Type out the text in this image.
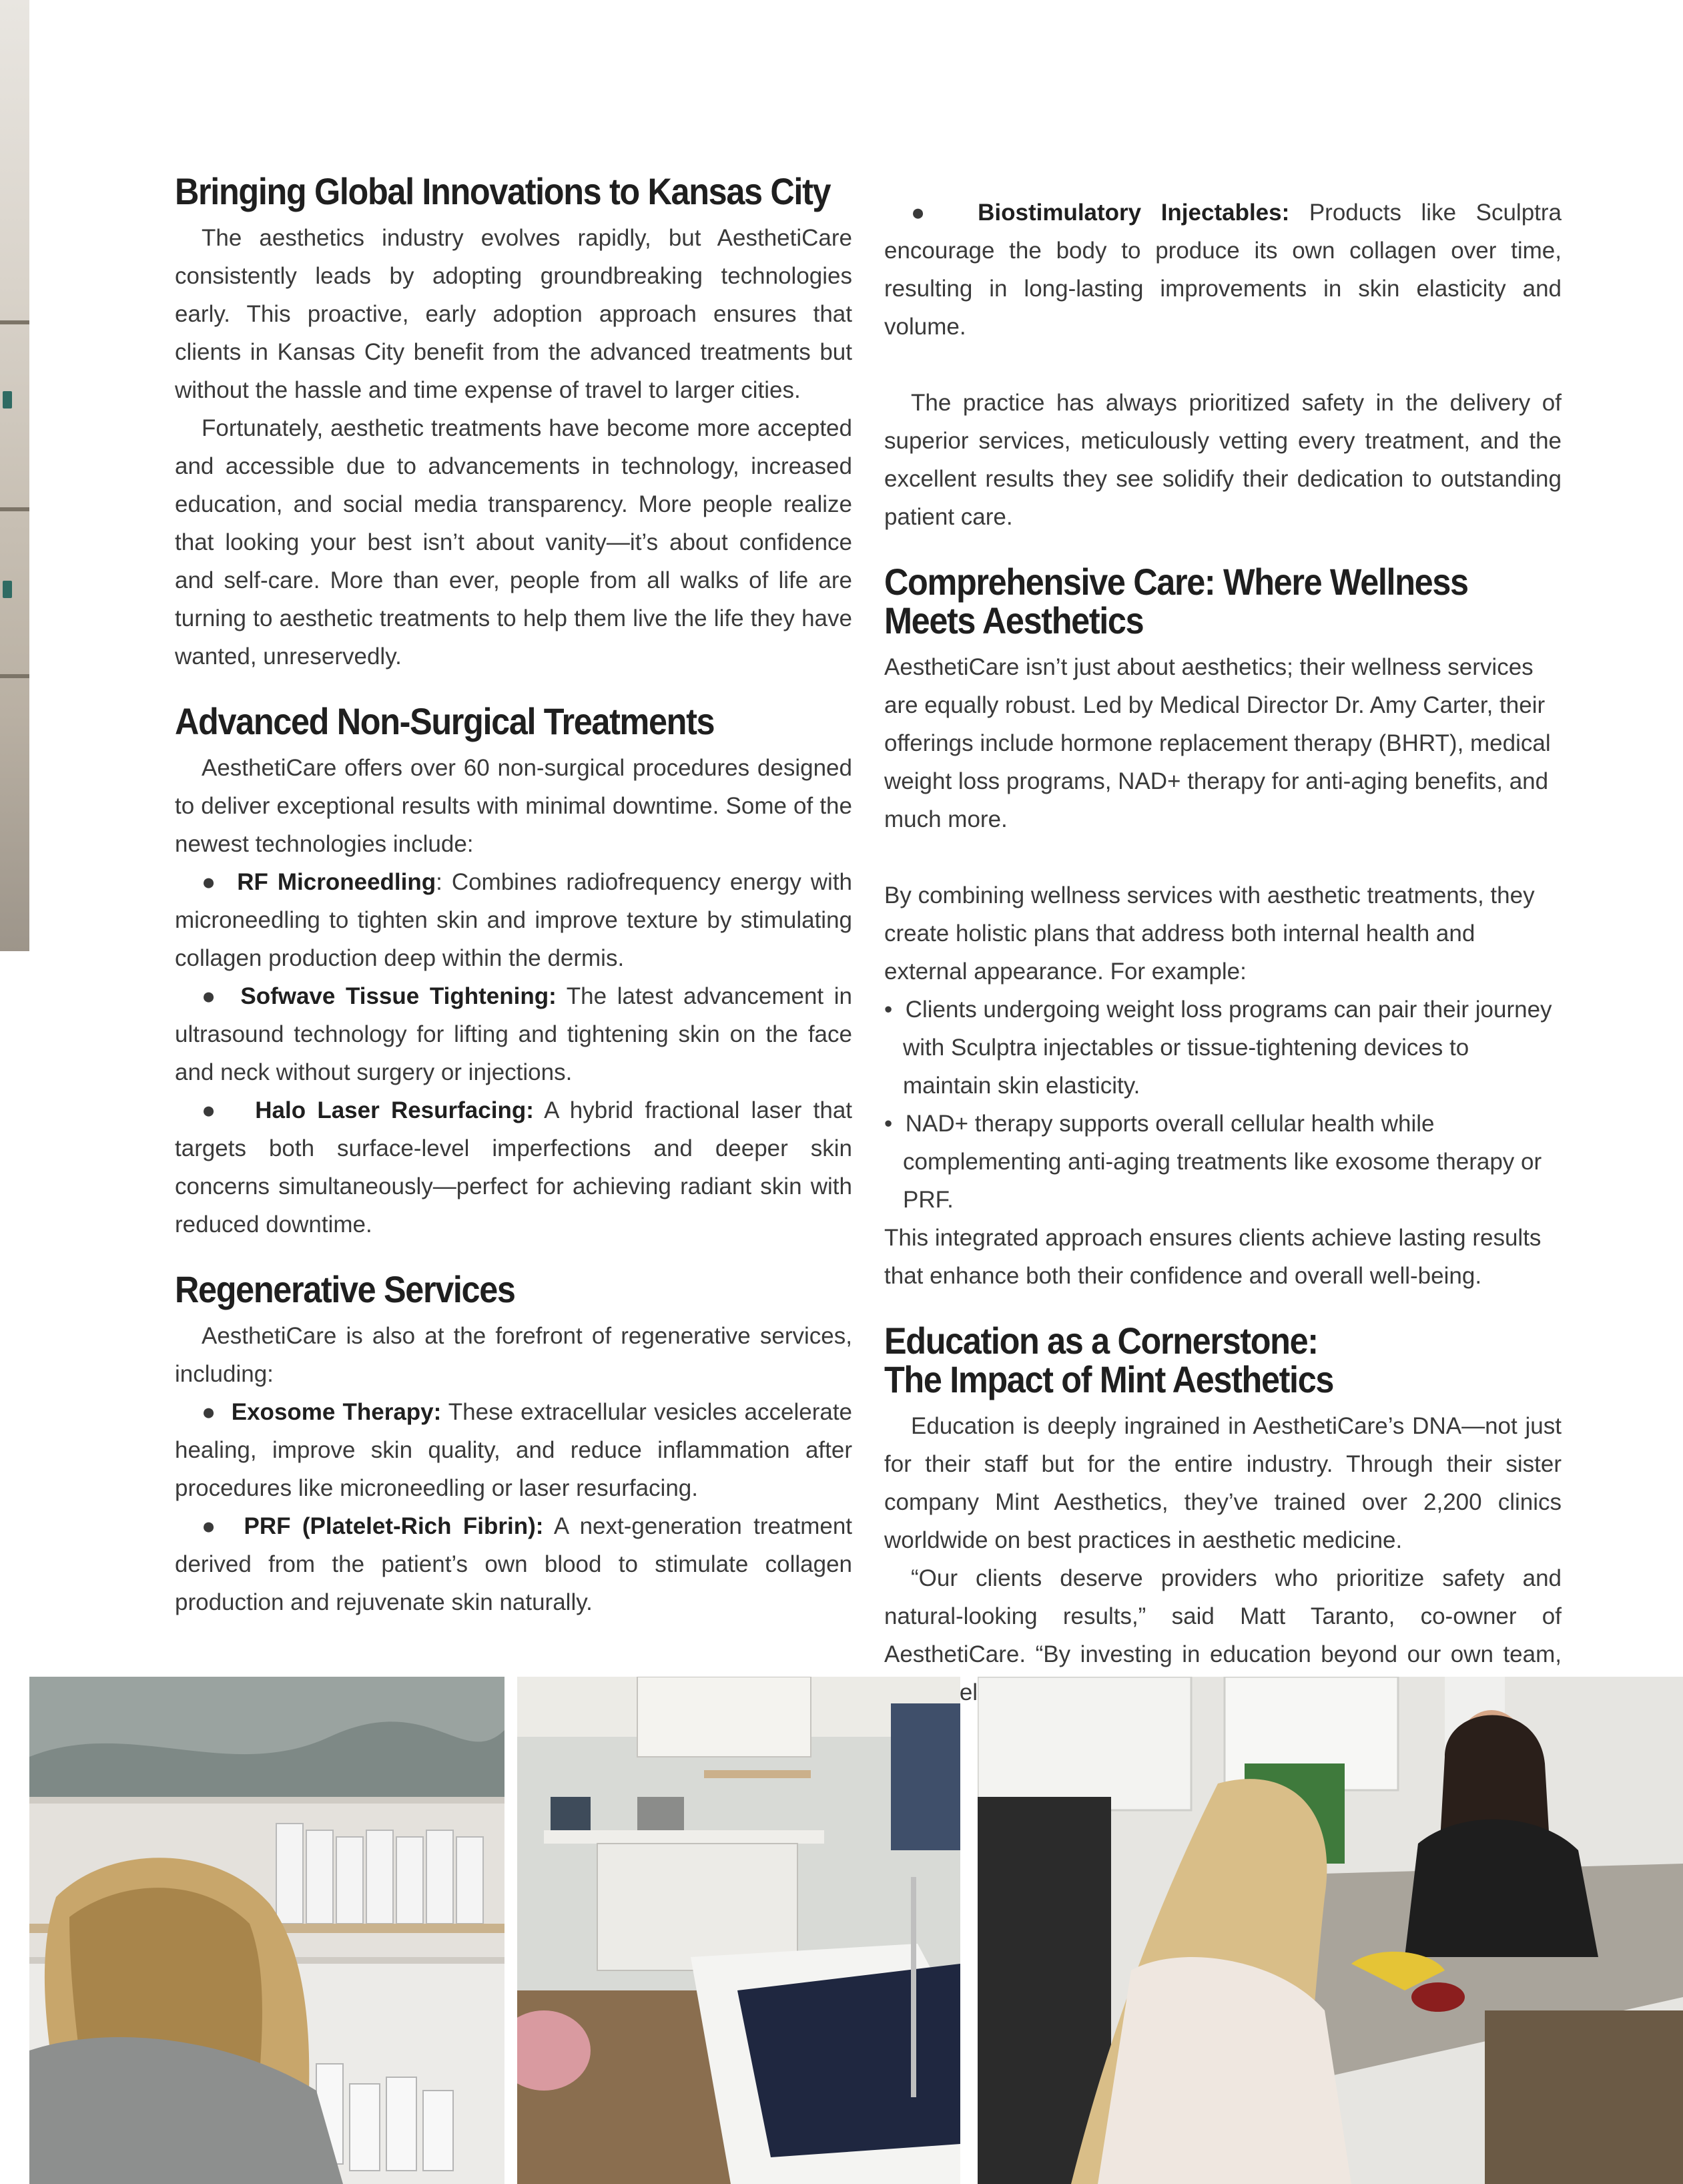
Bringing Global Innovations to Kansas City

The aesthetics industry evolves rapidly, but AesthetiCare consistently leads by adopting groundbreaking technologies early. This proactive, early adoption approach ensures that clients in Kansas City benefit from the advanced treatments but without the hassle and time expense of travel to larger cities.

Fortunately, aesthetic treatments have become more accepted and accessible due to advancements in technology, increased education, and social media transparency. More people realize that looking your best isn’t about vanity—it’s about confidence and self-care. More than ever, people from all walks of life are turning to aesthetic treatments to help them live the life they have wanted, unreservedly.

Advanced Non-Surgical Treatments

AesthetiCare offers over 60 non-surgical procedures designed to deliver exceptional results with minimal downtime. Some of the newest technologies include:

● RF Microneedling: Combines radiofrequency energy with microneedling to tighten skin and improve texture by stimulating collagen production deep within the dermis.

● Sofwave Tissue Tightening: The latest advancement in ultrasound technology for lifting and tightening skin on the face and neck without surgery or injections.

● Halo Laser Resurfacing: A hybrid fractional laser that targets both surface-level imperfections and deeper skin concerns simultaneously—perfect for achieving radiant skin with reduced downtime.

Regenerative Services

AesthetiCare is also at the forefront of regenerative services, including:

● Exosome Therapy: These extracellular vesicles accelerate healing, improve skin quality, and reduce inflammation after procedures like microneedling or laser resurfacing.

● PRF (Platelet-Rich Fibrin): A next-generation treatment derived from the patient’s own blood to stimulate collagen production and rejuvenate skin naturally.

● Biostimulatory Injectables: Products like Sculptra encourage the body to produce its own collagen over time, resulting in long-lasting improvements in skin elasticity and volume.

The practice has always prioritized safety in the delivery of superior services, meticulously vetting every treatment, and the excellent results they see solidify their dedication to outstanding patient care.

Comprehensive Care: Where Wellness
Meets Aesthetics

AesthetiCare isn’t just about aesthetics; their wellness services are equally robust. Led by Medical Director Dr. Amy Carter, their offerings include hormone replacement therapy (BHRT), medical weight loss programs, NAD+ therapy for anti-aging benefits, and much more.

By combining wellness services with aesthetic treatments, they create holistic plans that address both internal health and external appearance. For example:

• Clients undergoing weight loss programs can pair their journey with Sculptra injectables or tissue-tightening devices to maintain skin elasticity.
• NAD+ therapy supports overall cellular health while complementing anti-aging treatments like exosome therapy or PRF.

This integrated approach ensures clients achieve lasting results that enhance both their confidence and overall well-being.

Education as a Cornerstone:
The Impact of Mint Aesthetics

Education is deeply ingrained in AesthetiCare’s DNA—not just for their staff but for the entire industry. Through their sister company Mint Aesthetics, they’ve trained over 2,200 clinics worldwide on best practices in aesthetic medicine.

“Our clients deserve providers who prioritize safety and natural-looking results,” said Matt Taranto, co-owner of AesthetiCare. “By investing in education beyond our own team,
